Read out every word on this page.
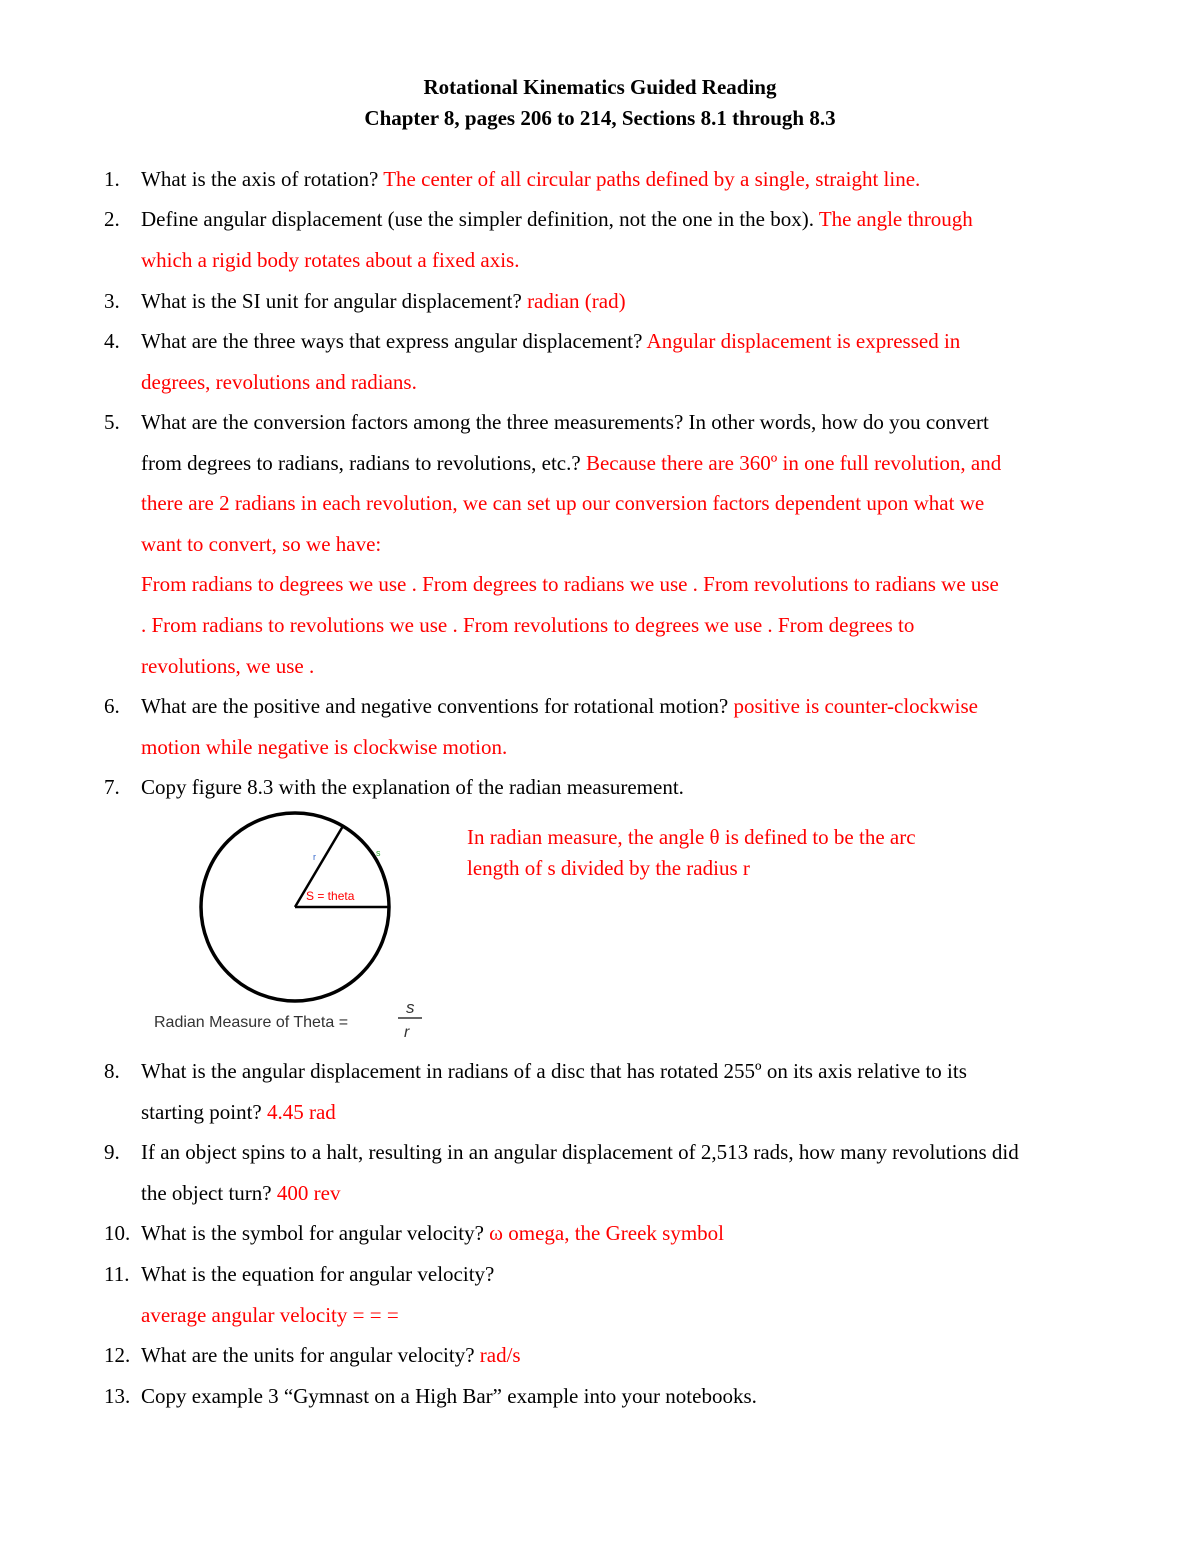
Rotational Kinematics Guided Reading
Chapter 8, pages 206 to 214, Sections 8.1 through 8.3
1.	What is the axis of rotation? The center of all circular paths defined by a single, straight line.
2.	Define angular displacement (use the simpler definition, not the one in the box). The angle through
which a rigid body rotates about a fixed axis.
3.	What is the SI unit for angular displacement? radian (rad)
4.	What are the three ways that express angular displacement? Angular displacement is expressed in
degrees, revolutions and radians.
5.	What are the conversion factors among the three measurements? In other words, how do you convert
from degrees to radians, radians to revolutions, etc.? Because there are 360º in one full revolution, and
there are 2 radians in each revolution, we can set up our conversion factors dependent upon what we
want to convert, so we have:
From radians to degrees we use . From degrees to radians we use . From revolutions to radians we use
. From radians to revolutions we use . From revolutions to degrees we use . From degrees to
revolutions, we use .
6.	What are the positive and negative conventions for rotational motion? positive is counter-clockwise
motion while negative is clockwise motion.
7.	Copy figure 8.3 with the explanation of the radian measurement.
8.	What is the angular displacement in radians of a disc that has rotated 255º on its axis relative to its
starting point? 4.45 rad
9.	If an object spins to a halt, resulting in an angular displacement of 2,513 rads, how many revolutions did
the object turn? 400 rev
10. What is the symbol for angular velocity? ω omega, the Greek symbol
11. What is the equation for angular velocity?
average angular velocity = = =
12. What are the units for angular velocity? rad/s
13. Copy example 3 “Gymnast on a High Bar” example into your notebooks.
r	s
S = theta
Radian Measure of Theta =
s
r
In radian measure, the angle θ is defined to be the arc
length of s divided by the radius r
